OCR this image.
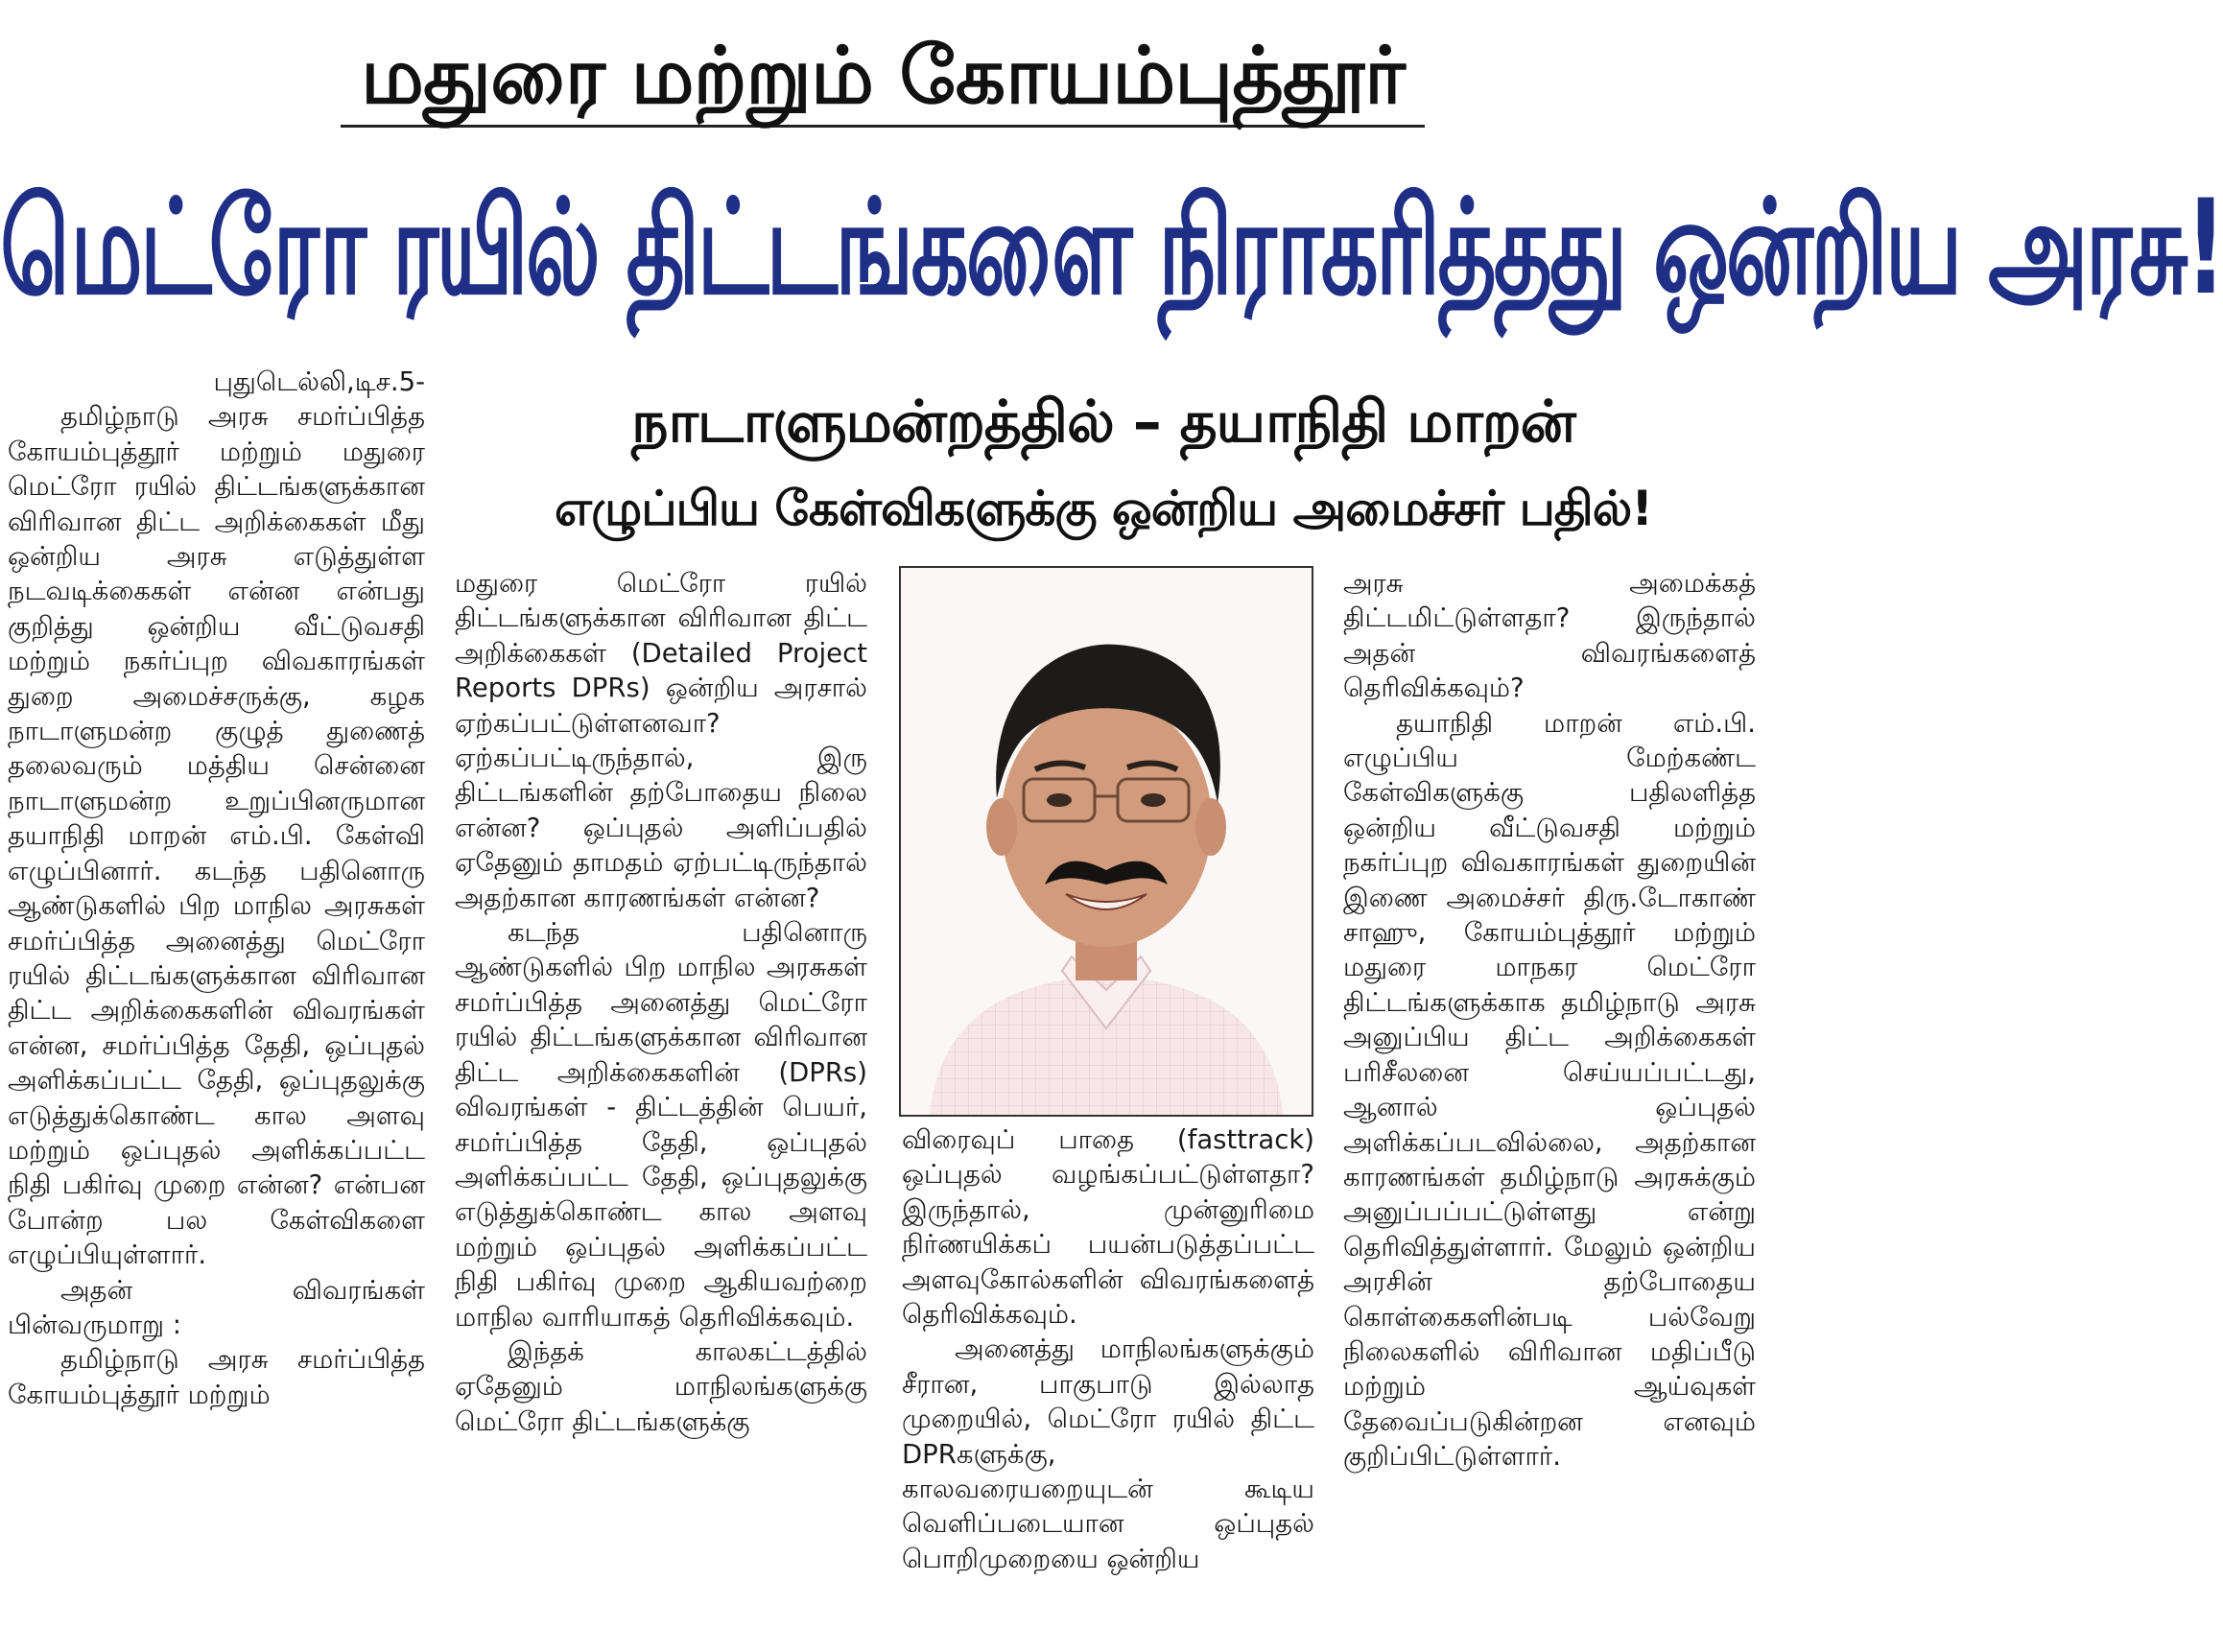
மதுரை மற்றும் கோயம்புத்தூர்
மெட்ரோ ரயில் திட்டங்களை நிராகரித்தது ஒன்றிய அரசு!
நாடாளுமன்றத்தில் – தயாநிதி மாறன்
எழுப்பிய கேள்விகளுக்கு ஒன்றிய அமைச்சர் பதில்!

புதுடெல்லி,டிச.5-

தமிழ்நாடு அரசு சமர்ப்பித்த கோயம்புத்தூர் மற்றும் மதுரை மெட்ரோ ரயில் திட்டங்களுக்கான விரிவான திட்ட அறிக்கைகள் மீது ஒன்றிய அரசு எடுத்துள்ள நடவடிக்கைகள் என்ன என்பது குறித்து ஒன்றிய வீட்டுவசதி மற்றும் நகர்ப்புற விவகாரங்கள் துறை அமைச்சருக்கு, கழக நாடாளுமன்ற குழுத் துணைத் தலைவரும் மத்திய சென்னை நாடாளுமன்ற உறுப்பினருமான தயாநிதி மாறன் எம்.பி. கேள்வி எழுப்பினார். கடந்த பதினொரு ஆண்டுகளில் பிற மாநில அரசுகள் சமர்ப்பித்த அனைத்து மெட்ரோ ரயில் திட்டங்களுக்கான விரிவான திட்ட அறிக்கைகளின் விவரங்கள் என்ன, சமர்ப்பித்த தேதி, ஒப்புதல் அளிக்கப்பட்ட தேதி, ஒப்புதலுக்கு எடுத்துக்கொண்ட கால அளவு மற்றும் ஒப்புதல் அளிக்கப்பட்ட நிதி பகிர்வு முறை என்ன? என்பன போன்ற பல கேள்விகளை எழுப்பியுள்ளார்.

அதன் விவரங்கள் பின்வருமாறு :

தமிழ்நாடு அரசு சமர்ப்பித்த கோயம்புத்தூர் மற்றும்

மதுரை மெட்ரோ ரயில் திட்டங்களுக்கான விரிவான திட்ட அறிக்கைகள் (Detailed Project Reports DPRs) ஒன்றிய அரசால் ஏற்கப்பட்டுள்ளனவா? ஏற்கப்பட்டிருந்தால், இரு திட்டங்களின் தற்போதைய நிலை என்ன? ஒப்புதல் அளிப்பதில் ஏதேனும் தாமதம் ஏற்பட்டிருந்தால் அதற்கான காரணங்கள் என்ன?

கடந்த பதினொரு ஆண்டுகளில் பிற மாநில அரசுகள் சமர்ப்பித்த அனைத்து மெட்ரோ ரயில் திட்டங்களுக்கான விரிவான திட்ட அறிக்கைகளின் (DPRs) விவரங்கள் - திட்டத்தின் பெயர், சமர்ப்பித்த தேதி, ஒப்புதல் அளிக்கப்பட்ட தேதி, ஒப்புதலுக்கு எடுத்துக்கொண்ட கால அளவு மற்றும் ஒப்புதல் அளிக்கப்பட்ட நிதி பகிர்வு முறை ஆகியவற்றை மாநில வாரியாகத் தெரிவிக்கவும்.

இந்தக் காலகட்டத்தில் ஏதேனும் மாநிலங்களுக்கு மெட்ரோ திட்டங்களுக்கு

விரைவுப் பாதை (fasttrack) ஒப்புதல் வழங்கப்பட்டுள்ளதா? இருந்தால், முன்னுரிமை நிர்ணயிக்கப் பயன்படுத்தப்பட்ட அளவுகோல்களின் விவரங்களைத் தெரிவிக்கவும்.

அனைத்து மாநிலங்களுக்கும் சீரான, பாகுபாடு இல்லாத முறையில், மெட்ரோ ரயில் திட்ட DPRகளுக்கு, காலவரையறையுடன் கூடிய வெளிப்படையான ஒப்புதல் பொறிமுறையை ஒன்றிய

அரசு அமைக்கத் திட்டமிட்டுள்ளதா? இருந்தால் அதன் விவரங்களைத் தெரிவிக்கவும்?

தயாநிதி மாறன் எம்.பி. எழுப்பிய மேற்கண்ட கேள்விகளுக்கு பதிலளித்த ஒன்றிய வீட்டுவசதி மற்றும் நகர்ப்புற விவகாரங்கள் துறையின் இணை அமைச்சர் திரு.டோகாண் சாஹு, கோயம்புத்தூர் மற்றும் மதுரை மாநகர மெட்ரோ திட்டங்களுக்காக தமிழ்நாடு அரசு அனுப்பிய திட்ட அறிக்கைகள் பரிசீலனை செய்யப்பட்டது, ஆனால் ஒப்புதல் அளிக்கப்படவில்லை, அதற்கான காரணங்கள் தமிழ்நாடு அரசுக்கும் அனுப்பப்பட்டுள்ளது என்று தெரிவித்துள்ளார். மேலும் ஒன்றிய அரசின் தற்போதைய கொள்கைகளின்படி பல்வேறு நிலைகளில் விரிவான மதிப்பீடு மற்றும் ஆய்வுகள் தேவைப்படுகின்றன எனவும் குறிப்பிட்டுள்ளார்.
